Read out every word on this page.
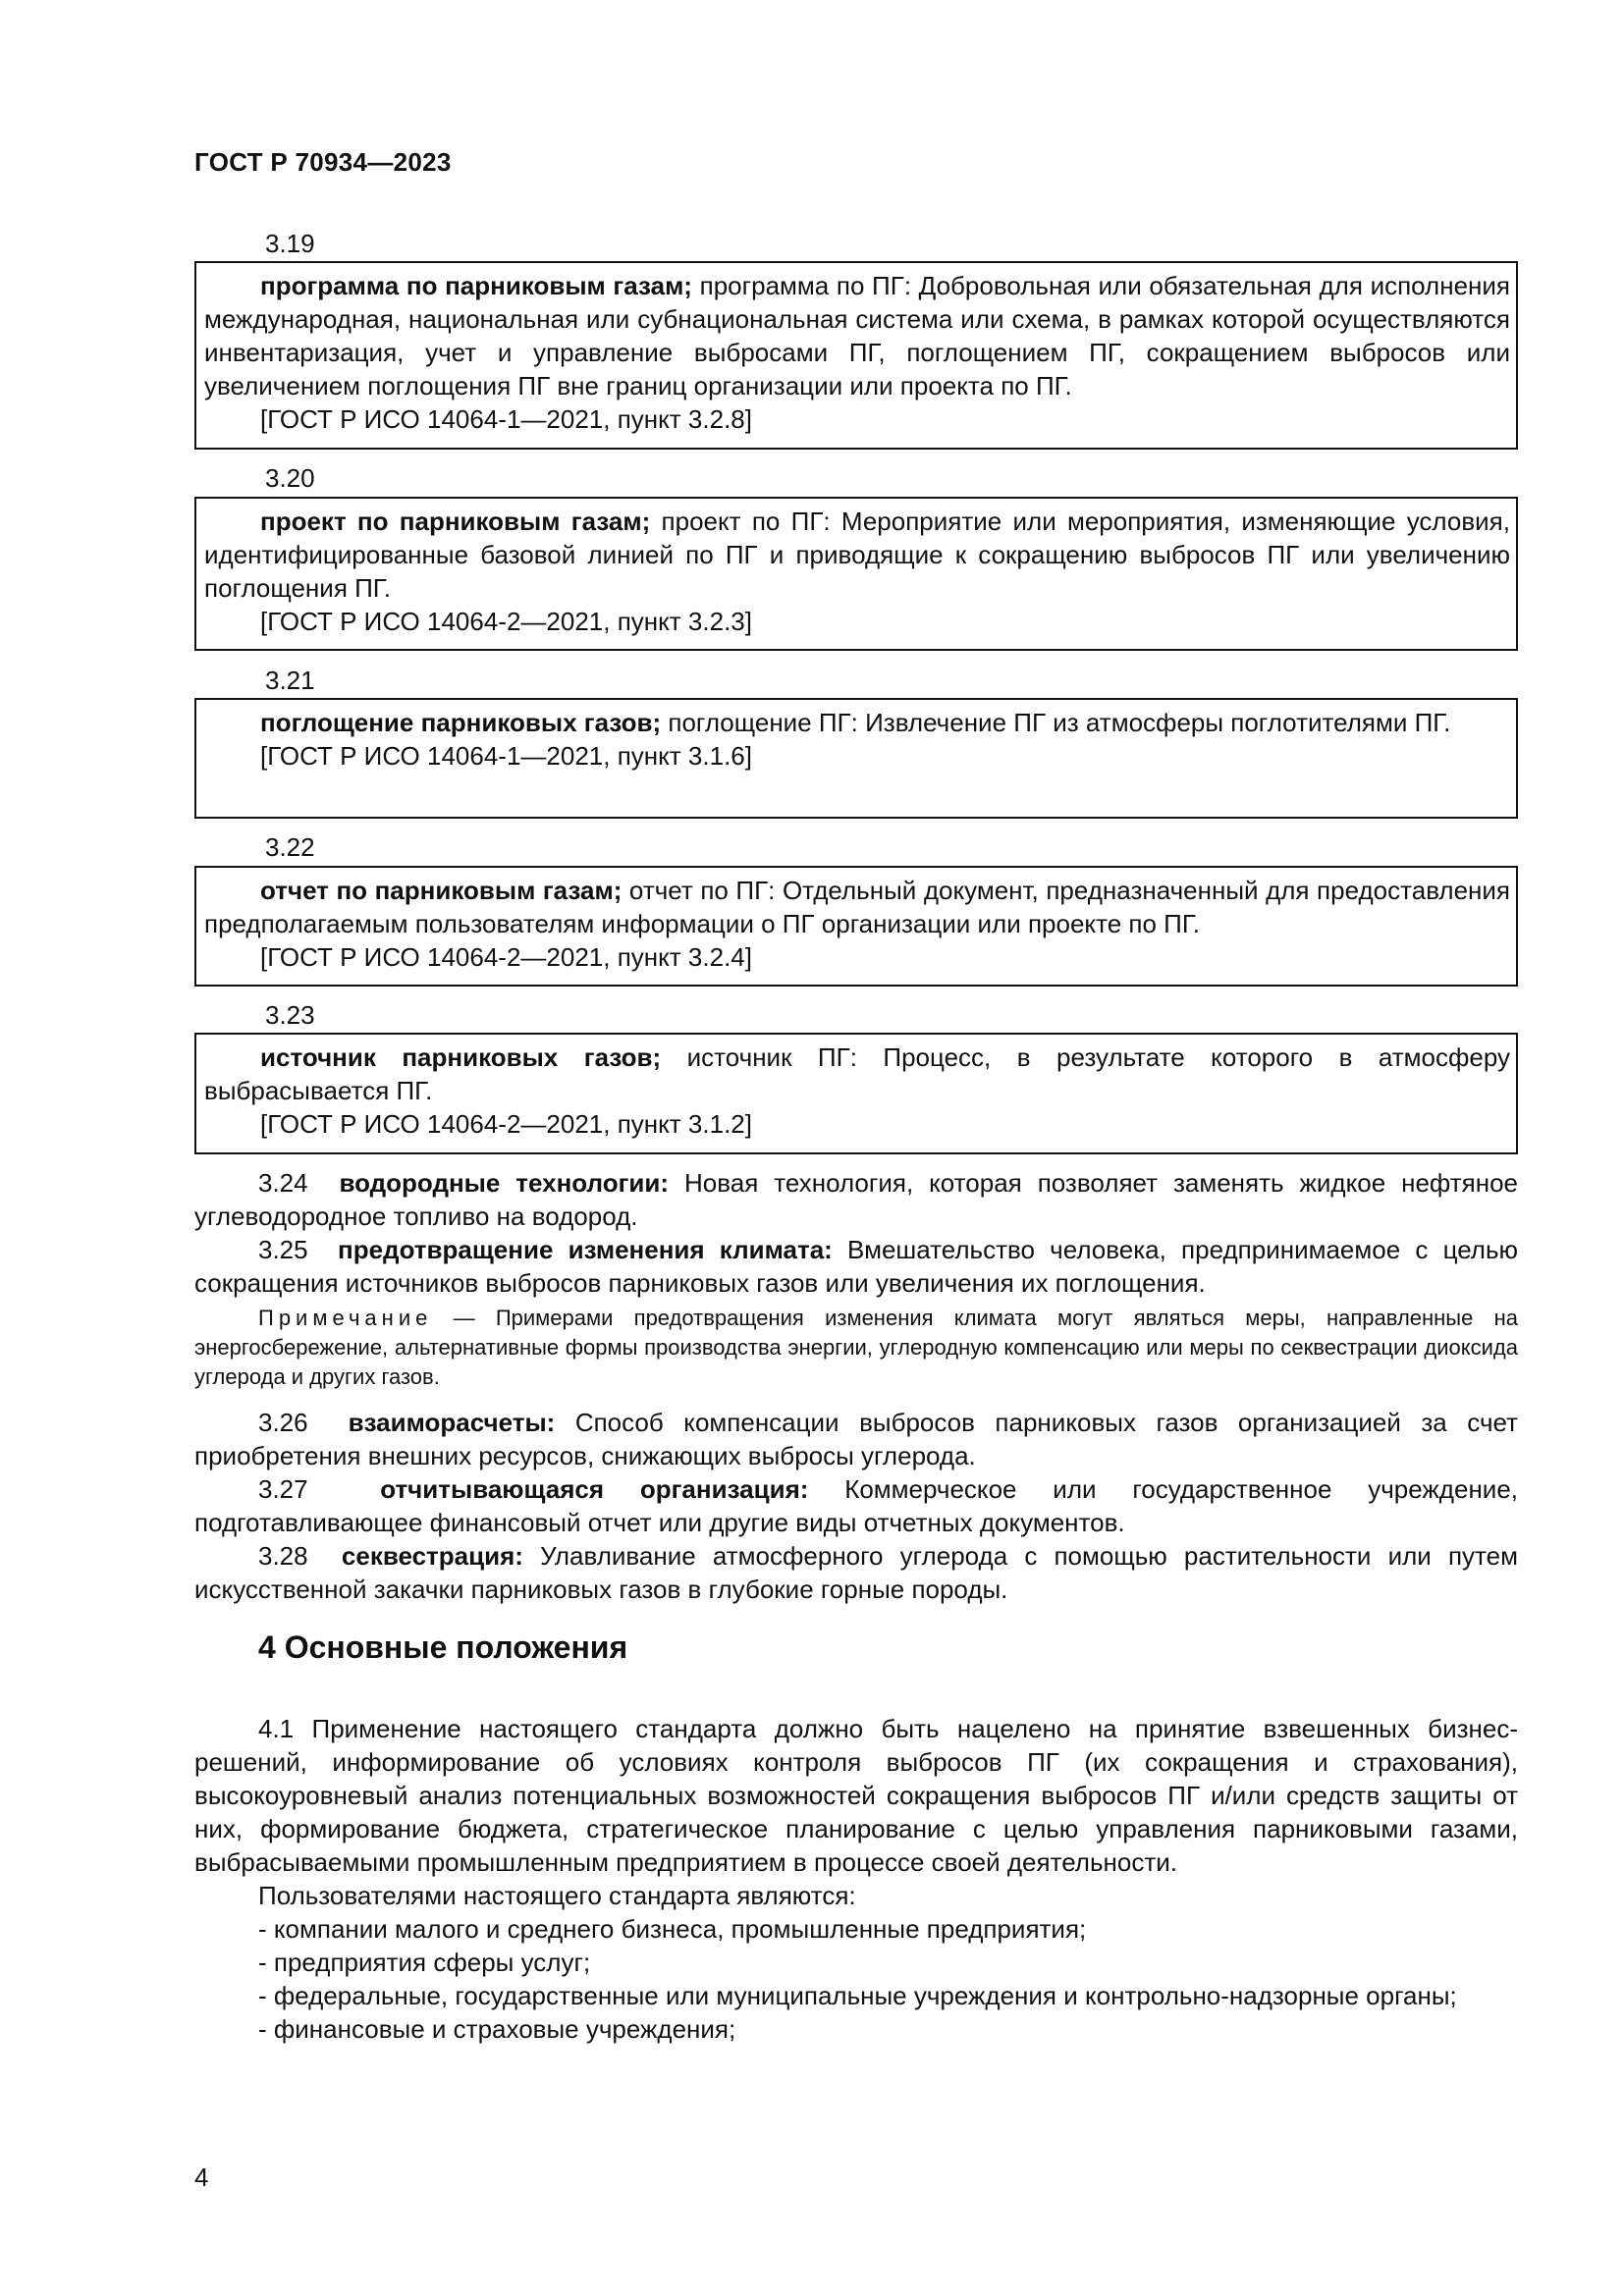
ГОСТ Р 70934—2023
3.19

программа по парниковым газам; программа по ПГ: Добровольная или обязательная для исполнения международная, национальная или субнациональная система или схема, в рамках которой осуществляются инвентаризация, учет и управление выбросами ПГ, поглощением ПГ, сокращением выбросов или увеличением поглощения ПГ вне границ организации или проекта по ПГ.

[ГОСТ Р ИСО 14064-1—2021, пункт 3.2.8]

3.20

проект по парниковым газам; проект по ПГ: Мероприятие или мероприятия, изменяющие условия, идентифицированные базовой линией по ПГ и приводящие к сокращению выбросов ПГ или увеличению поглощения ПГ.

[ГОСТ Р ИСО 14064-2—2021, пункт 3.2.3]

3.21

поглощение парниковых газов; поглощение ПГ: Извлечение ПГ из атмосферы поглотителями ПГ.

[ГОСТ Р ИСО 14064-1—2021, пункт 3.1.6]

3.22

отчет по парниковым газам; отчет по ПГ: Отдельный документ, предназначенный для предоставления предполагаемым пользователям информации о ПГ организации или проекте по ПГ.

[ГОСТ Р ИСО 14064-2—2021, пункт 3.2.4]

3.23

источник парниковых газов; источник ПГ: Процесс, в результате которого в атмосферу выбрасывается ПГ.

[ГОСТ Р ИСО 14064-2—2021, пункт 3.1.2]

3.24 водородные технологии: Новая технология, которая позволяет заменять жидкое нефтяное углеводородное топливо на водород.

3.25 предотвращение изменения климата: Вмешательство человека, предпринимаемое с целью сокращения источников выбросов парниковых газов или увеличения их поглощения.

Примечание — Примерами предотвращения изменения климата могут являться меры, направленные на энергосбережение, альтернативные формы производства энергии, углеродную компенсацию или меры по секвестрации диоксида углерода и других газов.

3.26 взаиморасчеты: Способ компенсации выбросов парниковых газов организацией за счет приобретения внешних ресурсов, снижающих выбросы углерода.

3.27	отчитывающаяся организация: Коммерческое или государственное учреждение, подготавливающее финансовый отчет или другие виды отчетных документов.

3.28 секвестрация: Улавливание атмосферного углерода с помощью растительности или путем искусственной закачки парниковых газов в глубокие горные породы.

4 Основные положения

4.1 Применение настоящего стандарта должно быть нацелено на принятие взвешенных бизнес-решений, информирование об условиях контроля выбросов ПГ (их сокращения и страхования), высокоуровневый анализ потенциальных возможностей сокращения выбросов ПГ и/или средств защиты от них, формирование бюджета, стратегическое планирование с целью управления парниковыми газами, выбрасываемыми промышленным предприятием в процессе своей деятельности.

Пользователями настоящего стандарта являются:

- компании малого и среднего бизнеса, промышленные предприятия;

- предприятия сферы услуг;

- федеральные, государственные или муниципальные учреждения и контрольно-надзорные органы;

- финансовые и страховые учреждения;

4
